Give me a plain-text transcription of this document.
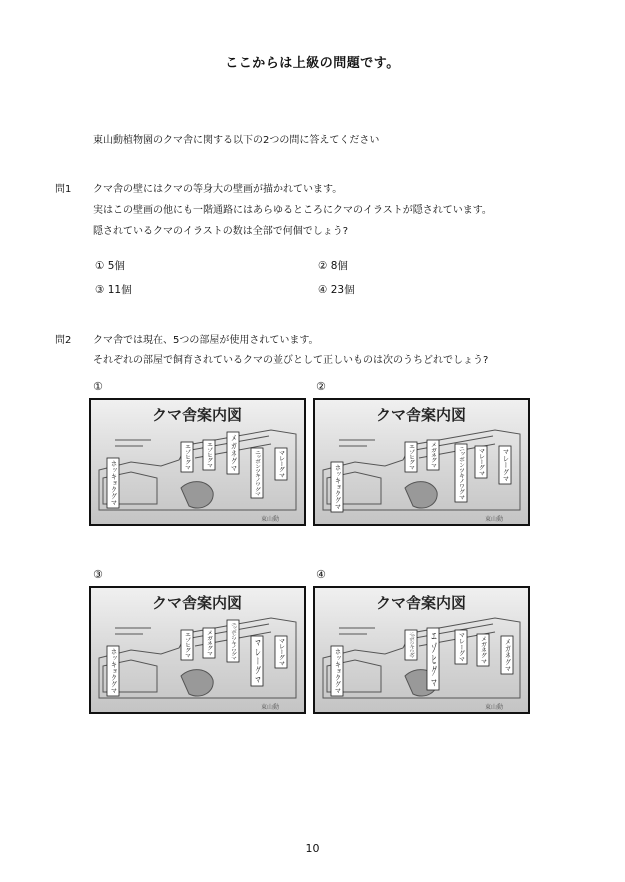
ここからは上級の問題です。
東山動植物園のクマ舎に関する以下の2つの問に答えてください
問1 クマ舎の壁にはクマの等身大の壁画が描かれています。
実はこの壁画の他にも一階通路にはあらゆるところにクマのイラストが隠されています。
隠されているクマのイラストの数は全部で何個でしょう?
① 5個	② 8個
③ 11個	④ 23個
問2 クマ舎では現在、5つの部屋が使用されています。
それぞれの部屋で飼育されているクマの並びとして正しいものは次のうちどれでしょう?
①	②
③	④
クマ舎案内図
ホッキョクグマ
エゾヒグマ	エゾヒグマ	メガネグマ
ニッポンツキノワグマ	マレーグマ
東山動
クマ舎案内図
ホッキョクグマ
エゾヒグマ	メガネグマ	ニッポンツキノワグマ マレーグマ	マレーグマ
東山動
クマ舎案内図
ホッキョクグマ
エゾヒグマ	メガネグマ	ニッポンツキノワグマ	マレーグマ	マレーグマ
東山動
クマ舎案内図
ホッキョクグマ	ニッポンツキノワグマ	エゾヒグマ	マレーグマ	メガネグマ	メガネグマ
東山動
10
